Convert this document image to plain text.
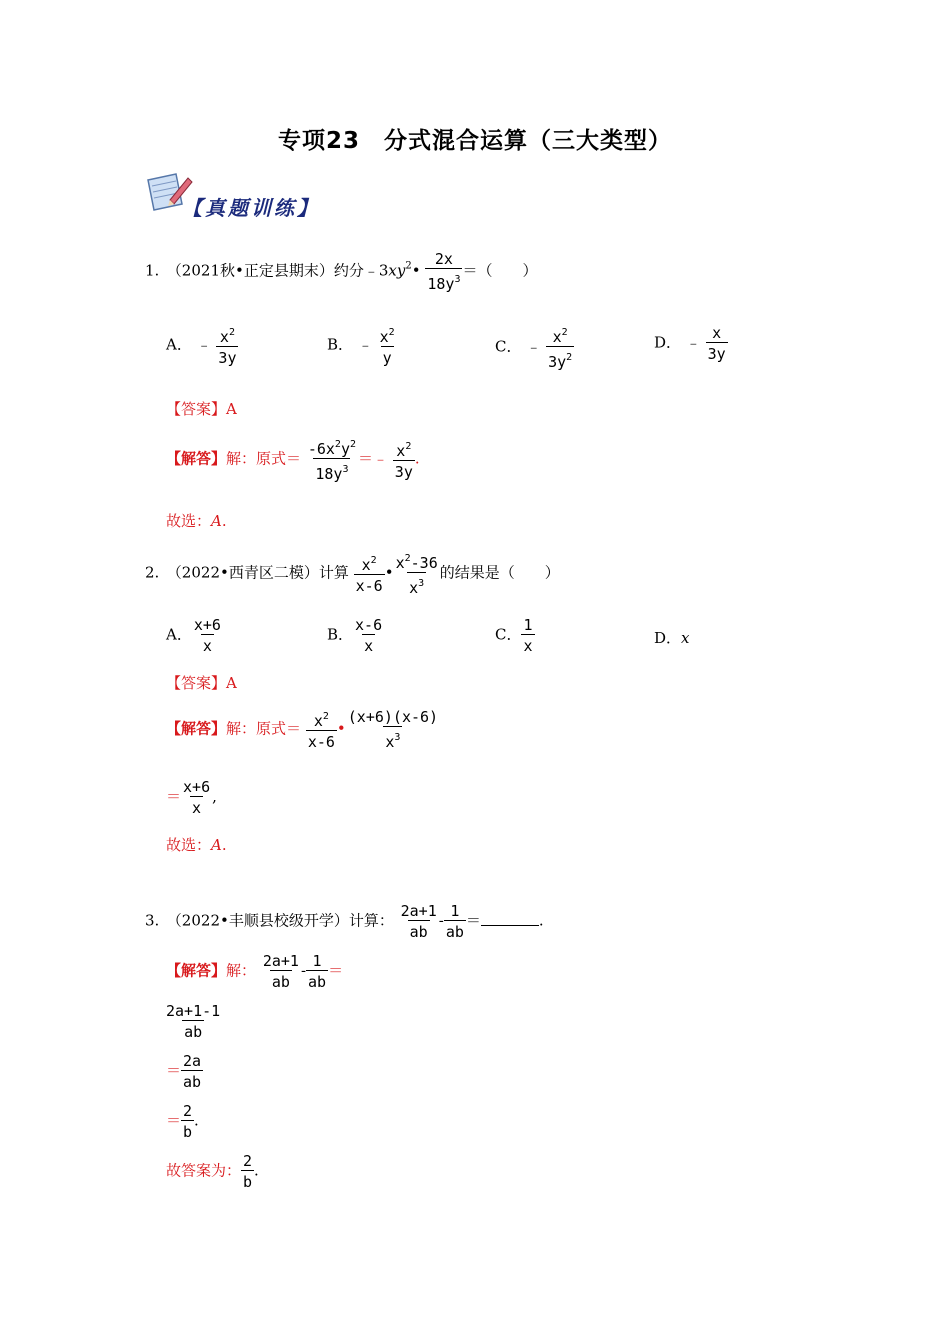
专项23　分式混合运算（三大类型）
【真题训练】
1.　（2021秋•正定县期末）约分$﹣3xy^2• \frac{2x}{18y^3}$ ＝（　　）
A． ﹣ $\frac{x^2}{3y}$	B． ﹣ $\frac{x^2}{y}$	C． ﹣ $\frac{x^2}{3y^2}$	D． ﹣ $\frac{x}{3y}$
【答案】A
【解答】解：原式＝ $\frac{-6x^2y^2}{18y^3}$ ＝﹣ $\frac{x^2}{3y}$ .
故选：A.
2.　（2022•西青区二模）计算 $\frac{x^2}{x-6}$ • $\frac{x^2-36}{x^3}$ 的结果是（　　）
A． $\frac{x+6}{x}$	B． $\frac{x-6}{x}$	C． $\frac{1}{x}$	D．x
【答案】A
【解答】解：原式＝ $\frac{x^2}{x-6}$ • $\frac{(x+6)(x-6)}{x^3}$
＝ $\frac{x+6}{x}$ ,
故选：A.
3.　（2022•丰顺县校级开学）计算： $\frac{2a+1}{ab} - \frac{1}{ab}$ ＝	.
【解答】解： $\frac{2a+1}{ab} - \frac{1}{ab}$ ＝
$\frac{2a+1-1}{ab}$
＝ $\frac{2a}{ab}$
＝ $\frac{2}{b}$ .
故答案为： $\frac{2}{b}$ .
